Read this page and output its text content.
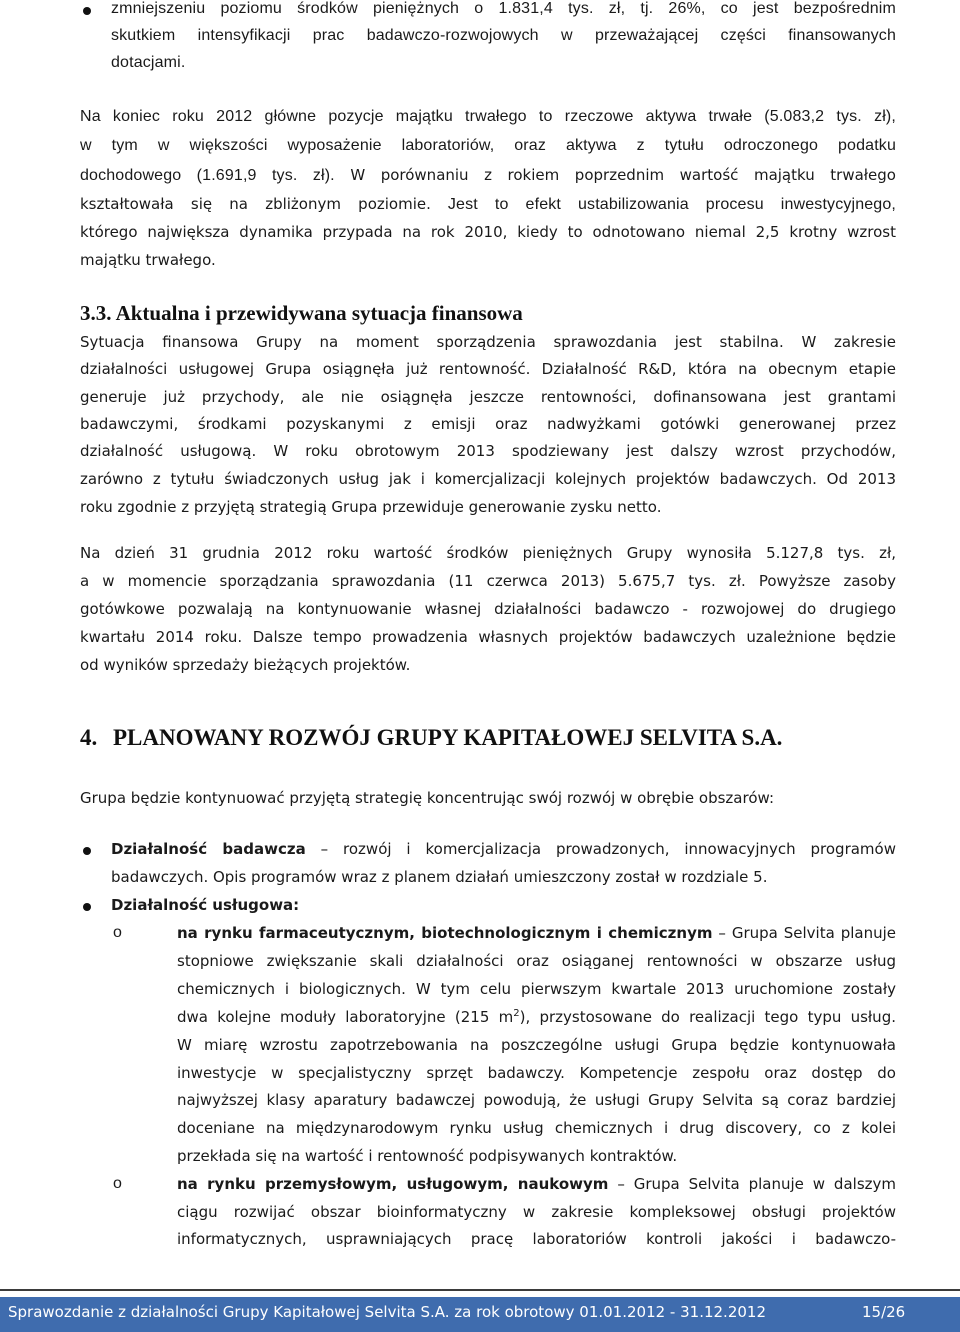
zmniejszeniu poziomu środków pieniężnych o 1.831,4 tys. zł, tj. 26%, co jest bezpośrednim
skutkiem intensyfikacji prac badawczo-rozwojowych w przeważającej części finansowanych
dotacjami.
Na koniec roku 2012 główne pozycje majątku trwałego to rzeczowe aktywa trwałe (5.083,2 tys. zł),
w tym w większości wyposażenie laboratoriów, oraz aktywa z tytułu odroczonego podatku
dochodowego (1.691,9 tys. zł). W porównaniu z rokiem poprzednim wartość majątku trwałego
kształtowała się na zbliżonym poziomie. Jest to efekt ustabilizowania procesu inwestycyjnego,
którego największa dynamika przypada na rok 2010, kiedy to odnotowano niemal 2,5 krotny wzrost
majątku trwałego.
3.3. Aktualna i przewidywana sytuacja finansowa
Sytuacja finansowa Grupy na moment sporządzenia sprawozdania jest stabilna. W zakresie
działalności usługowej Grupa osiągnęła już rentowność. Działalność R&D, która na obecnym etapie
generuje już przychody, ale nie osiągnęła jeszcze rentowności, dofinansowana jest grantami
badawczymi, środkami pozyskanymi z emisji oraz nadwyżkami gotówki generowanej przez
działalność usługową. W roku obrotowym 2013 spodziewany jest dalszy wzrost przychodów,
zarówno z tytułu świadczonych usług jak i komercjalizacji kolejnych projektów badawczych. Od 2013
roku zgodnie z przyjętą strategią Grupa przewiduje generowanie zysku netto.
Na dzień 31 grudnia 2012 roku wartość środków pieniężnych Grupy wynosiła 5.127,8 tys. zł,
a w momencie sporządzania sprawozdania (11 czerwca 2013) 5.675,7 tys. zł. Powyższe zasoby
gotówkowe pozwalają na kontynuowanie własnej działalności badawczo - rozwojowej do drugiego
kwartału 2014 roku. Dalsze tempo prowadzenia własnych projektów badawczych uzależnione będzie
od wyników sprzedaży bieżących projektów.
4. PLANOWANY ROZWÓJ GRUPY KAPITAŁOWEJ SELVITA S.A.
Grupa będzie kontynuować przyjętą strategię koncentrując swój rozwój w obrębie obszarów:
Działalność badawcza – rozwój i komercjalizacja prowadzonych, innowacyjnych programów
badawczych. Opis programów wraz z planem działań umieszczony został w rozdziale 5.
Działalność usługowa:
o	na rynku farmaceutycznym, biotechnologicznym i chemicznym – Grupa Selvita planuje
stopniowe zwiększanie skali działalności oraz osiąganej rentowności w obszarze usług
chemicznych i biologicznych. W tym celu pierwszym kwartale 2013 uruchomione zostały
dwa kolejne moduły laboratoryjne (215 $m^2$), przystosowane do realizacji tego typu usług.
W miarę wzrostu zapotrzebowania na poszczególne usługi Grupa będzie kontynuowała
inwestycje w specjalistyczny sprzęt badawczy. Kompetencje zespołu oraz dostęp do
najwyższej klasy aparatury badawczej powodują, że usługi Grupy Selvita są coraz bardziej
doceniane na międzynarodowym rynku usług chemicznych i drug discovery, co z kolei
przekłada się na wartość i rentowność podpisywanych kontraktów.
o	na rynku przemysłowym, usługowym, naukowym – Grupa Selvita planuje w dalszym
ciągu rozwijać obszar bioinformatyczny w zakresie kompleksowej obsługi projektów
informatycznych, usprawniających pracę laboratoriów kontroli jakości i badawczo-
Sprawozdanie z działalności Grupy Kapitałowej Selvita S.A. za rok obrotowy 01.01.2012 - 31.12.2012	15/26
